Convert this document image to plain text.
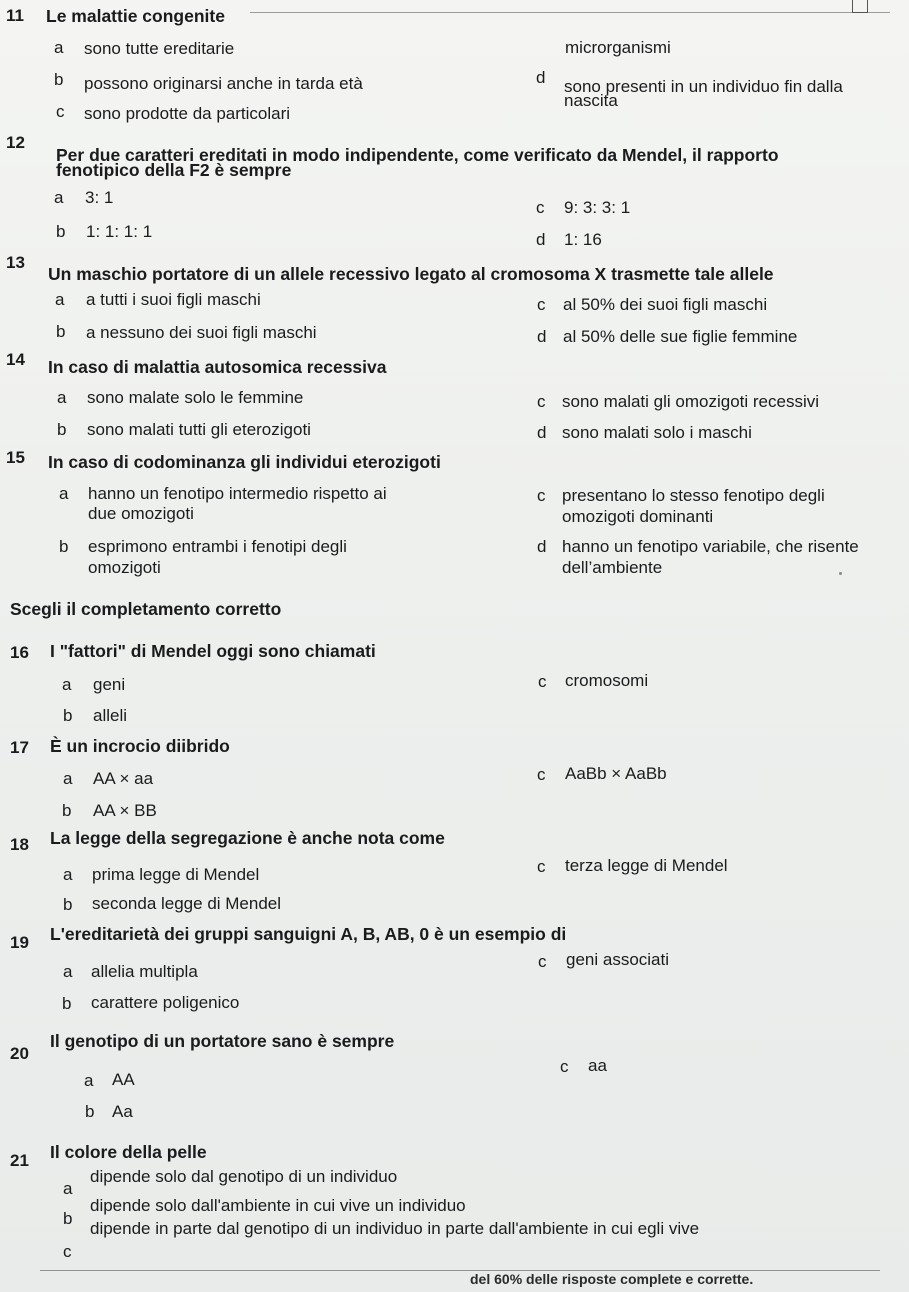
11 Le malattie congenite
a sono tutte ereditarie	microrganismi
b possono originarsi anche in tarda età	d sono presenti in un individuo fin dalla
nascita
c sono prodotte da particolari
12
Per due caratteri ereditati in modo indipendente, come verificato da Mendel, il rapporto
fenotipico della F2 è sempre
a 3: 1
c 9: 3: 3: 1
b 1: 1: 1: 1	d 1: 16
13
Un maschio portatore di un allele recessivo legato al cromosoma X trasmette tale allele
a a tutti i suoi figli maschi	c al 50% dei suoi figli maschi
b a nessuno dei suoi figli maschi	d al 50% delle sue figlie femmine
14 In caso di malattia autosomica recessiva
a sono malate solo le femmine	c sono malati gli omozigoti recessivi
b sono malati tutti gli eterozigoti	d sono malati solo i maschi
15 In caso di codominanza gli individui eterozigoti
a hanno un fenotipo intermedio rispetto ai
due omozigoti
c presentano lo stesso fenotipo degli
omozigoti dominanti
b esprimono entrambi i fenotipi degli
omozigoti
d hanno un fenotipo variabile, che risente
dell’ambiente
Scegli il completamento corretto
16 I "fattori" di Mendel oggi sono chiamati
a geni	c cromosomi
b alleli
17 È un incrocio diibrido
a AA × aa	c AaBb × AaBb
b AA × BB
18 La legge della segregazione è anche nota come
a prima legge di Mendel	c terza legge di Mendel
b seconda legge di Mendel
19 L'ereditarietà dei gruppi sanguigni A, B, AB, 0 è un esempio di
a allelia multipla
c geni associati
b carattere poligenico
20
Il genotipo di un portatore sano è sempre
a AA
c aa
b Aa
21 Il colore della pelle
a
dipende solo dal genotipo di un individuo
b
dipende solo dall'ambiente in cui vive un individuo
c
dipende in parte dal genotipo di un individuo in parte dall'ambiente in cui egli vive
del 60% delle risposte complete e corrette.
